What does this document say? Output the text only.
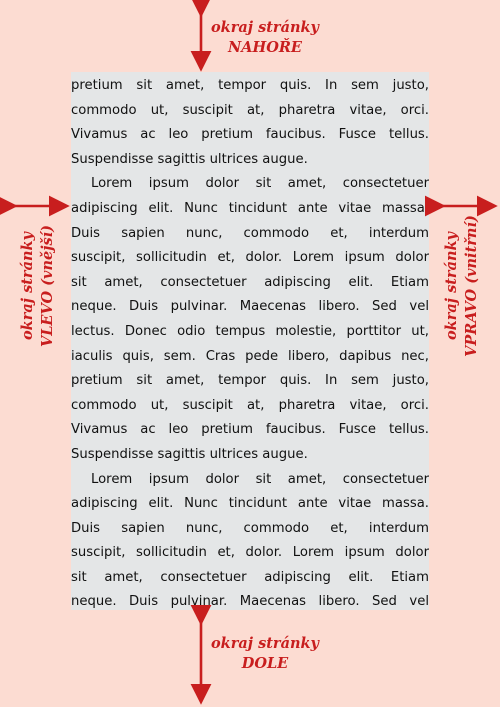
pretium sit amet, tempor quis. In sem justo,
commodo ut, suscipit at, pharetra vitae, orci.
Vivamus ac leo pretium faucibus. Fusce tellus.
Suspendisse sagittis ultrices augue.
Lorem ipsum dolor sit amet, consectetuer
adipiscing elit. Nunc tincidunt ante vitae massa.
Duis sapien nunc, commodo et, interdum
suscipit, sollicitudin et, dolor. Lorem ipsum dolor
sit amet, consectetuer adipiscing elit. Etiam
neque. Duis pulvinar. Maecenas libero. Sed vel
lectus. Donec odio tempus molestie, porttitor ut,
iaculis quis, sem. Cras pede libero, dapibus nec,
pretium sit amet, tempor quis. In sem justo,
commodo ut, suscipit at, pharetra vitae, orci.
Vivamus ac leo pretium faucibus. Fusce tellus.
Suspendisse sagittis ultrices augue.
Lorem ipsum dolor sit amet, consectetuer
adipiscing elit. Nunc tincidunt ante vitae massa.
Duis sapien nunc, commodo et, interdum
suscipit, sollicitudin et, dolor. Lorem ipsum dolor
sit amet, consectetuer adipiscing elit. Etiam
neque. Duis pulvinar. Maecenas libero. Sed vel
okraj stránky
NAHOŘE
okraj stránky
DOLE
okraj stránky VLEVO (vnější)	okraj stránky VPRAVO (vnitřní)
